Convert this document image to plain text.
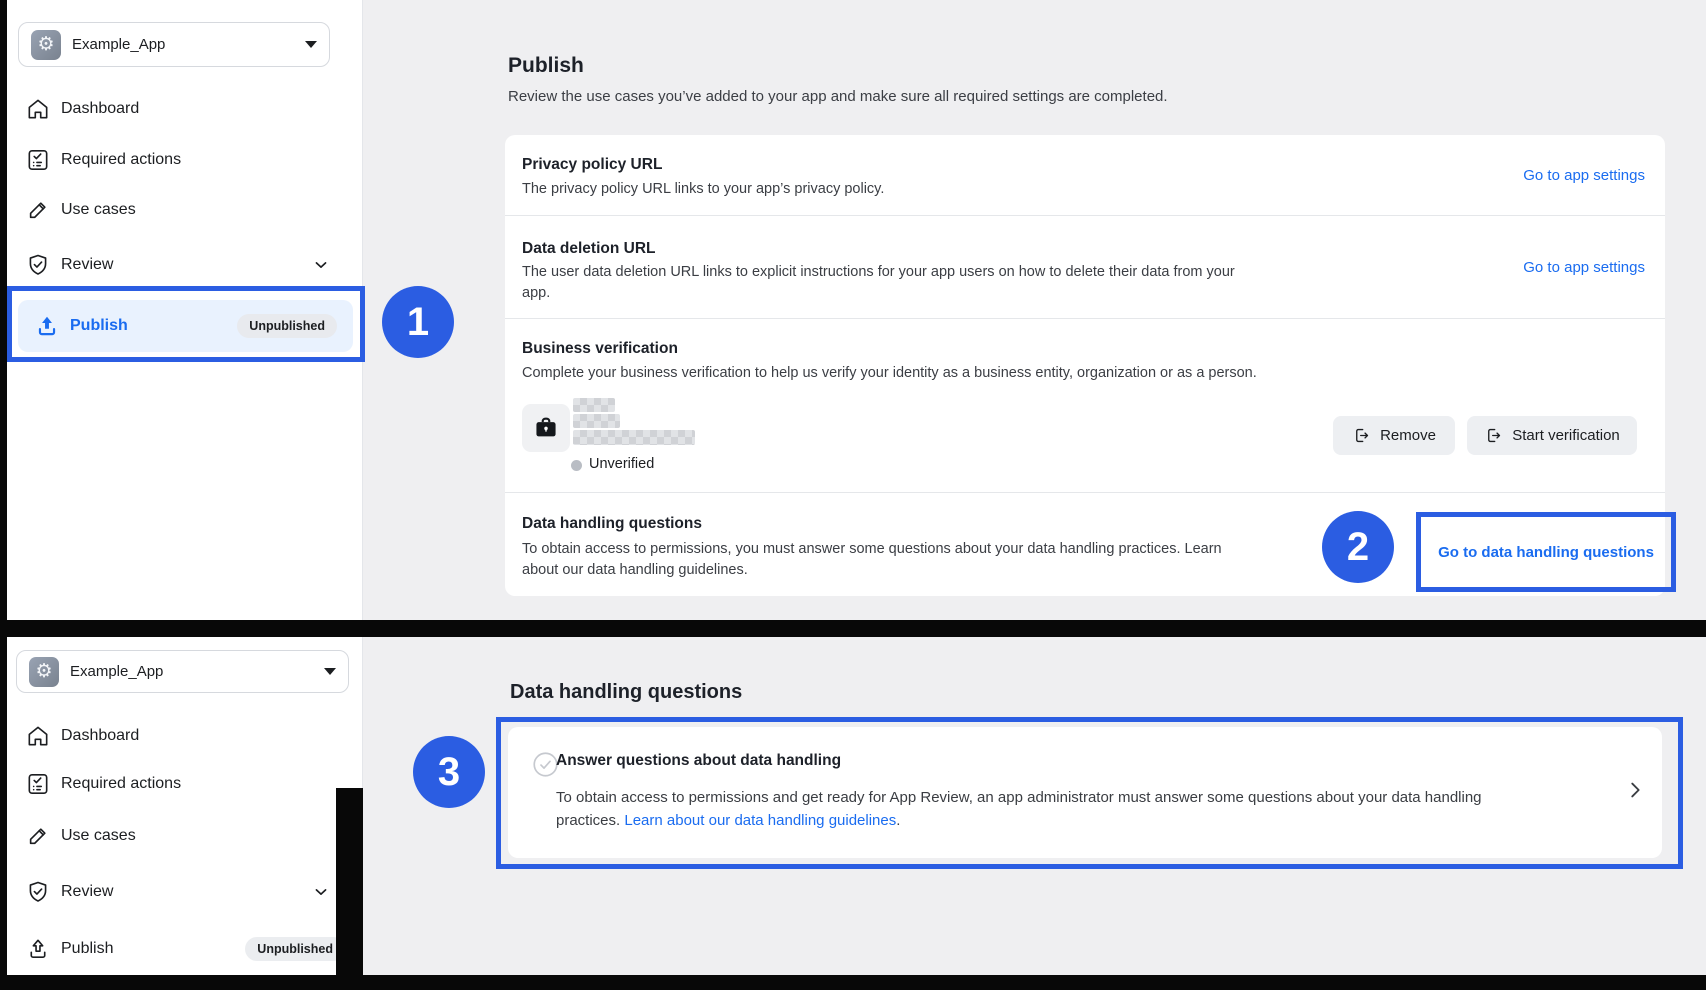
⚙	Example_App
Dashboard
Required actions
Use cases
Review
Publish	Unpublished
Publish
Review the use cases you’ve added to your app and make sure all required settings are completed.
Privacy policy URL
The privacy policy URL links to your app’s privacy policy.
Go to app settings
Data deletion URL
The user data deletion URL links to explicit instructions for your app users on how to delete their data from your
app.
Go to app settings
Business verification
Complete your business verification to help us verify your identity as a business entity, organization or as a person.
Unverified
Remove	Start verification
Data handling questions
To obtain access to permissions, you must answer some questions about your data handling practices. Learn
about our data handling guidelines.
Go to data handling questions
1
2
⚙	Example_App
Dashboard
Required actions
Use cases
Review
Publish	Unpublished
Data handling questions
Answer questions about data handling
To obtain access to permissions and get ready for App Review, an app administrator must answer some questions about your data handling
practices. Learn about our data handling guidelines.
3
